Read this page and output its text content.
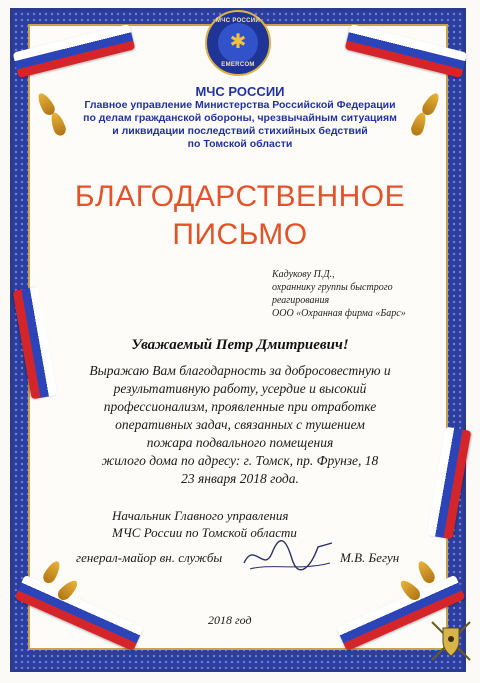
МЧС РОССИИ
✱
EMERCOM
МЧС РОССИИ
Главное управление Министерства Российской Федерации
по делам гражданской обороны, чрезвычайным ситуациям
и ликвидации последствий стихийных бедствий
по Томской области
БЛАГОДАРСТВЕННОЕ
ПИСЬМО
Кадукову П.Д.,
охраннику группы быстрого
реагирования
ООО «Охранная фирма «Барс»
Уважаемый Петр Дмитриевич!
Выражаю Вам благодарность за добросовестную и
результативную работу, усердие и высокий
профессионализм, проявленные при отработке
оперативных задач, связанных с тушением
пожара подвального помещения
жилого дома по адресу: г. Томск, пр. Фрунзе, 18
23 января 2018 года.
Начальник Главного управления
МЧС России по Томской области
генерал-майор вн. службы	М.В. Бегун
2018 год
